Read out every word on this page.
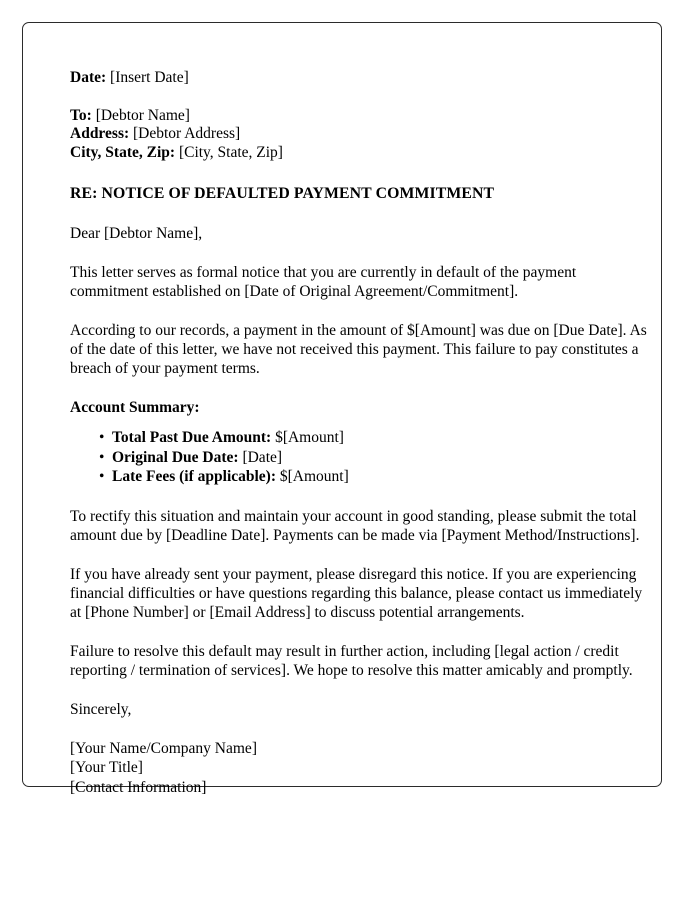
Date: [Insert Date]
To: [Debtor Name]
Address: [Debtor Address]
City, State, Zip: [City, State, Zip]
RE: NOTICE OF DEFAULTED PAYMENT COMMITMENT
Dear [Debtor Name],

This letter serves as formal notice that you are currently in default of the payment commitment established on [Date of Original Agreement/Commitment].

According to our records, a payment in the amount of $[Amount] was due on [Due Date]. As of the date of this letter, we have not received this payment. This failure to pay constitutes a breach of your payment terms.

Account Summary:
• Total Past Due Amount: $[Amount]
• Original Due Date: [Date]
• Late Fees (if applicable): $[Amount]

To rectify this situation and maintain your account in good standing, please submit the total amount due by [Deadline Date]. Payments can be made via [Payment Method/Instructions].

If you have already sent your payment, please disregard this notice. If you are experiencing financial difficulties or have questions regarding this balance, please contact us immediately at [Phone Number] or [Email Address] to discuss potential arrangements.

Failure to resolve this default may result in further action, including [legal action / credit reporting / termination of services]. We hope to resolve this matter amicably and promptly.

Sincerely,
[Your Name/Company Name]
[Your Title]
[Contact Information]
